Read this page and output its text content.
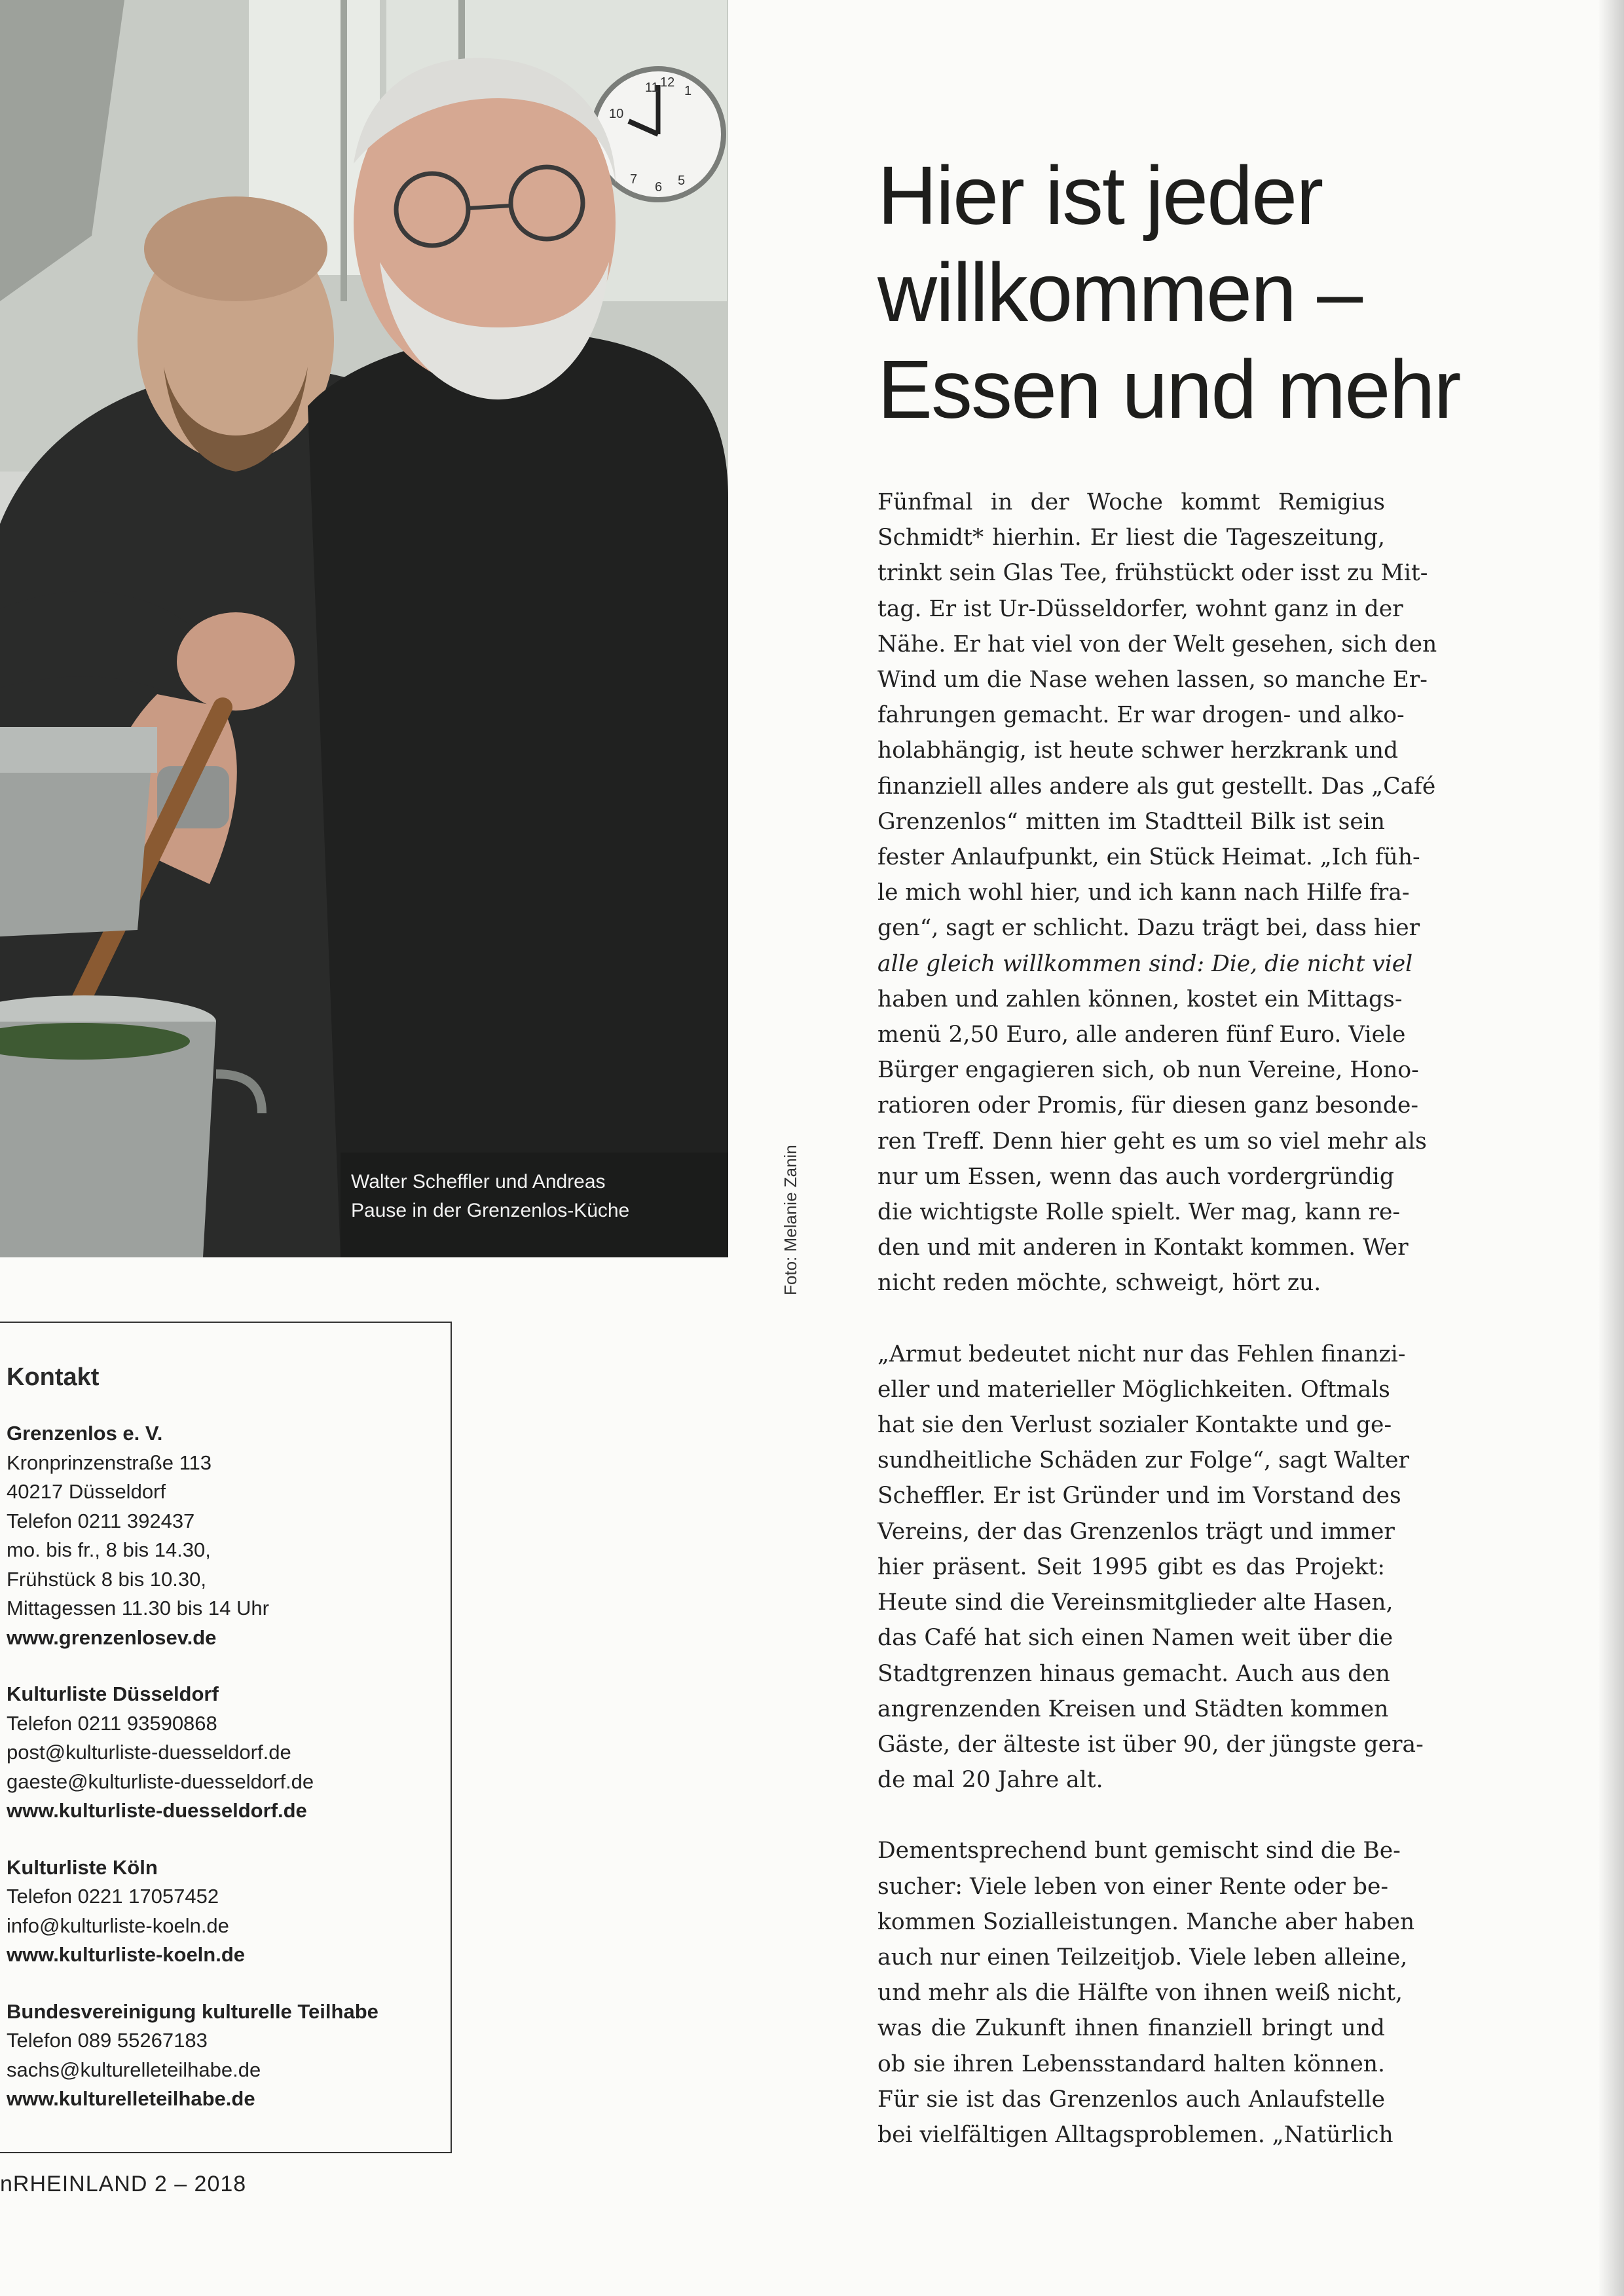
11 12
1
10
7
6 5
Walter Scheffler und Andreas
Pause in der Grenzenlos-Küche	Foto: Melanie Zanin
Hier ist jeder
willkommen –
Essen und mehr

Fünfmal in der Woche kommt Remigius
Schmidt* hierhin. Er liest die Tageszeitung,
trinkt sein Glas Tee, frühstückt oder isst zu Mit-
tag. Er ist Ur-Düsseldorfer, wohnt ganz in der
Nähe. Er hat viel von der Welt gesehen, sich den
Wind um die Nase wehen lassen, so manche Er-
fahrungen gemacht. Er war drogen- und alko-
holabhängig, ist heute schwer herzkrank und
finanziell alles andere als gut gestellt. Das „Café
Grenzenlos“ mitten im Stadtteil Bilk ist sein
fester Anlaufpunkt, ein Stück Heimat. „Ich füh-
le mich wohl hier, und ich kann nach Hilfe fra-
gen“, sagt er schlicht. Dazu trägt bei, dass hier
alle gleich willkommen sind: Die, die nicht viel
haben und zahlen können, kostet ein Mittags-
menü 2,50 Euro, alle anderen fünf Euro. Viele
Bürger engagieren sich, ob nun Vereine, Hono-
ratioren oder Promis, für diesen ganz besonde-
ren Treff. Denn hier geht es um so viel mehr als
nur um Essen, wenn das auch vordergründig
die wichtigste Rolle spielt. Wer mag, kann re-
den und mit anderen in Kontakt kommen. Wer
nicht reden möchte, schweigt, hört zu.

„Armut bedeutet nicht nur das Fehlen finanzi-
eller und materieller Möglichkeiten. Oftmals
hat sie den Verlust sozialer Kontakte und ge-
sundheitliche Schäden zur Folge“, sagt Walter
Scheffler. Er ist Gründer und im Vorstand des
Vereins, der das Grenzenlos trägt und immer
hier präsent. Seit 1995 gibt es das Projekt:
Heute sind die Vereinsmitglieder alte Hasen,
das Café hat sich einen Namen weit über die
Stadtgrenzen hinaus gemacht. Auch aus den
angrenzenden Kreisen und Städten kommen
Gäste, der älteste ist über 90, der jüngste gera-
de mal 20 Jahre alt.

Dementsprechend bunt gemischt sind die Be-
sucher: Viele leben von einer Rente oder be-
kommen Sozialleistungen. Manche aber haben
auch nur einen Teilzeitjob. Viele leben alleine,
und mehr als die Hälfte von ihnen weiß nicht,
was die Zukunft ihnen finanziell bringt und
ob sie ihren Lebensstandard halten können.
Für sie ist das Grenzenlos auch Anlaufstelle
bei vielfältigen Alltagsproblemen. „Natürlich

Kontakt
Grenzenlos e. V.
Kronprinzenstraße 113
40217 Düsseldorf
Telefon 0211 392437
mo. bis fr., 8 bis 14.30,
Frühstück 8 bis 10.30,
Mittagessen 11.30 bis 14 Uhr
www.grenzenlosev.de
Kulturliste Düsseldorf
Telefon 0211 93590868
post@kulturliste-duesseldorf.de
gaeste@kulturliste-duesseldorf.de
www.kulturliste-duesseldorf.de
Kulturliste Köln
Telefon 0221 17057452
info@kulturliste-koeln.de
www.kulturliste-koeln.de
Bundesvereinigung kulturelle Teilhabe
Telefon 089 55267183
sachs@kulturelleteilhabe.de
www.kulturelleteilhabe.de
nRHEINLAND 2 – 2018
